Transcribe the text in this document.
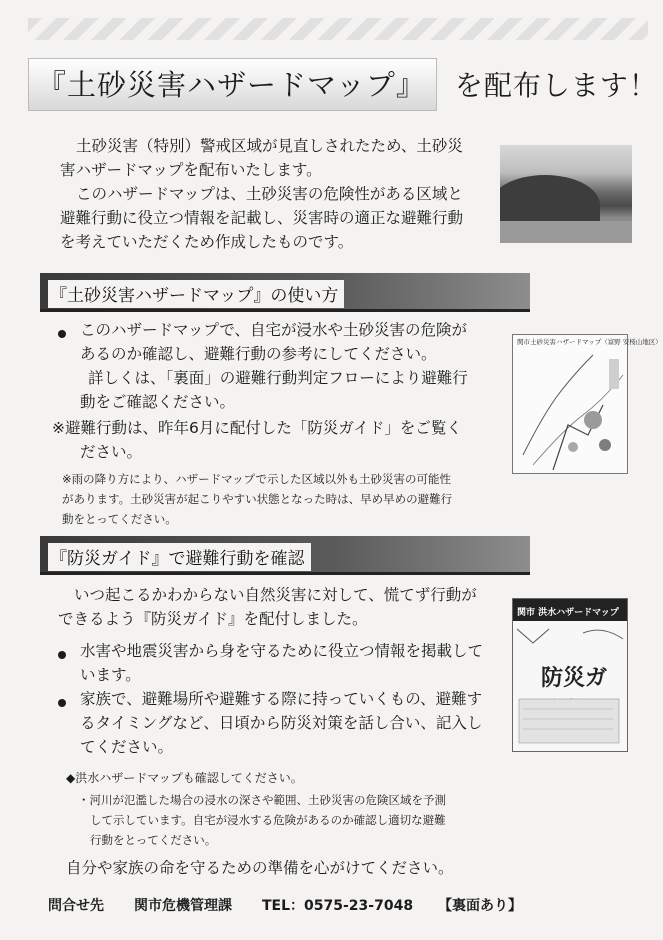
『土砂災害ハザードマップ』	を配布します！
土砂災害（特別）警戒区域が見直しされたため、土砂災
害ハザードマップを配布いたします。
このハザードマップは、土砂災害の危険性がある区域と
避難行動に役立つ情報を記載し、災害時の適正な避難行動
を考えていただくため作成したものです。
『土砂災害ハザードマップ』の使い方
このハザードマップで、自宅が浸水や土砂災害の危険が
あるのか確認し、避難行動の参考にしてください。
詳しくは、「裏面」の避難行動判定フローにより避難行
動をご確認ください。
※避難行動は、昨年6月に配付した「防災ガイド」をご覧く
ださい。
※雨の降り方により、ハザードマップで示した区域以外も土砂災害の可能性
があります。土砂災害が起こりやすい状態となった時は、早め早めの避難行
動をとってください。
関市土砂災害ハザードマップ（富野 安桜山地区）
『防災ガイド』で避難行動を確認
いつ起こるかわからない自然災害に対して、慌てず行動が
できるよう『防災ガイド』を配付しました。
水害や地震災害から身を守るために役立つ情報を掲載して
います。
家族で、避難場所や避難する際に持っていくもの、避難す
るタイミングなど、日頃から防災対策を話し合い、記入し
てください。
◆洪水ハザードマップも確認してください。
・河川が氾濫した場合の浸水の深さや範囲、土砂災害の危険区域を予測
して示しています。自宅が浸水する危険があるのか確認し適切な避難
行動をとってください。
自分や家族の命を守るための準備を心がけてください。
関市 洪水ハザードマップ
防災ガ
問合せ先 関市危機管理課 TEL：0575-23-7048 【裏面あり】
